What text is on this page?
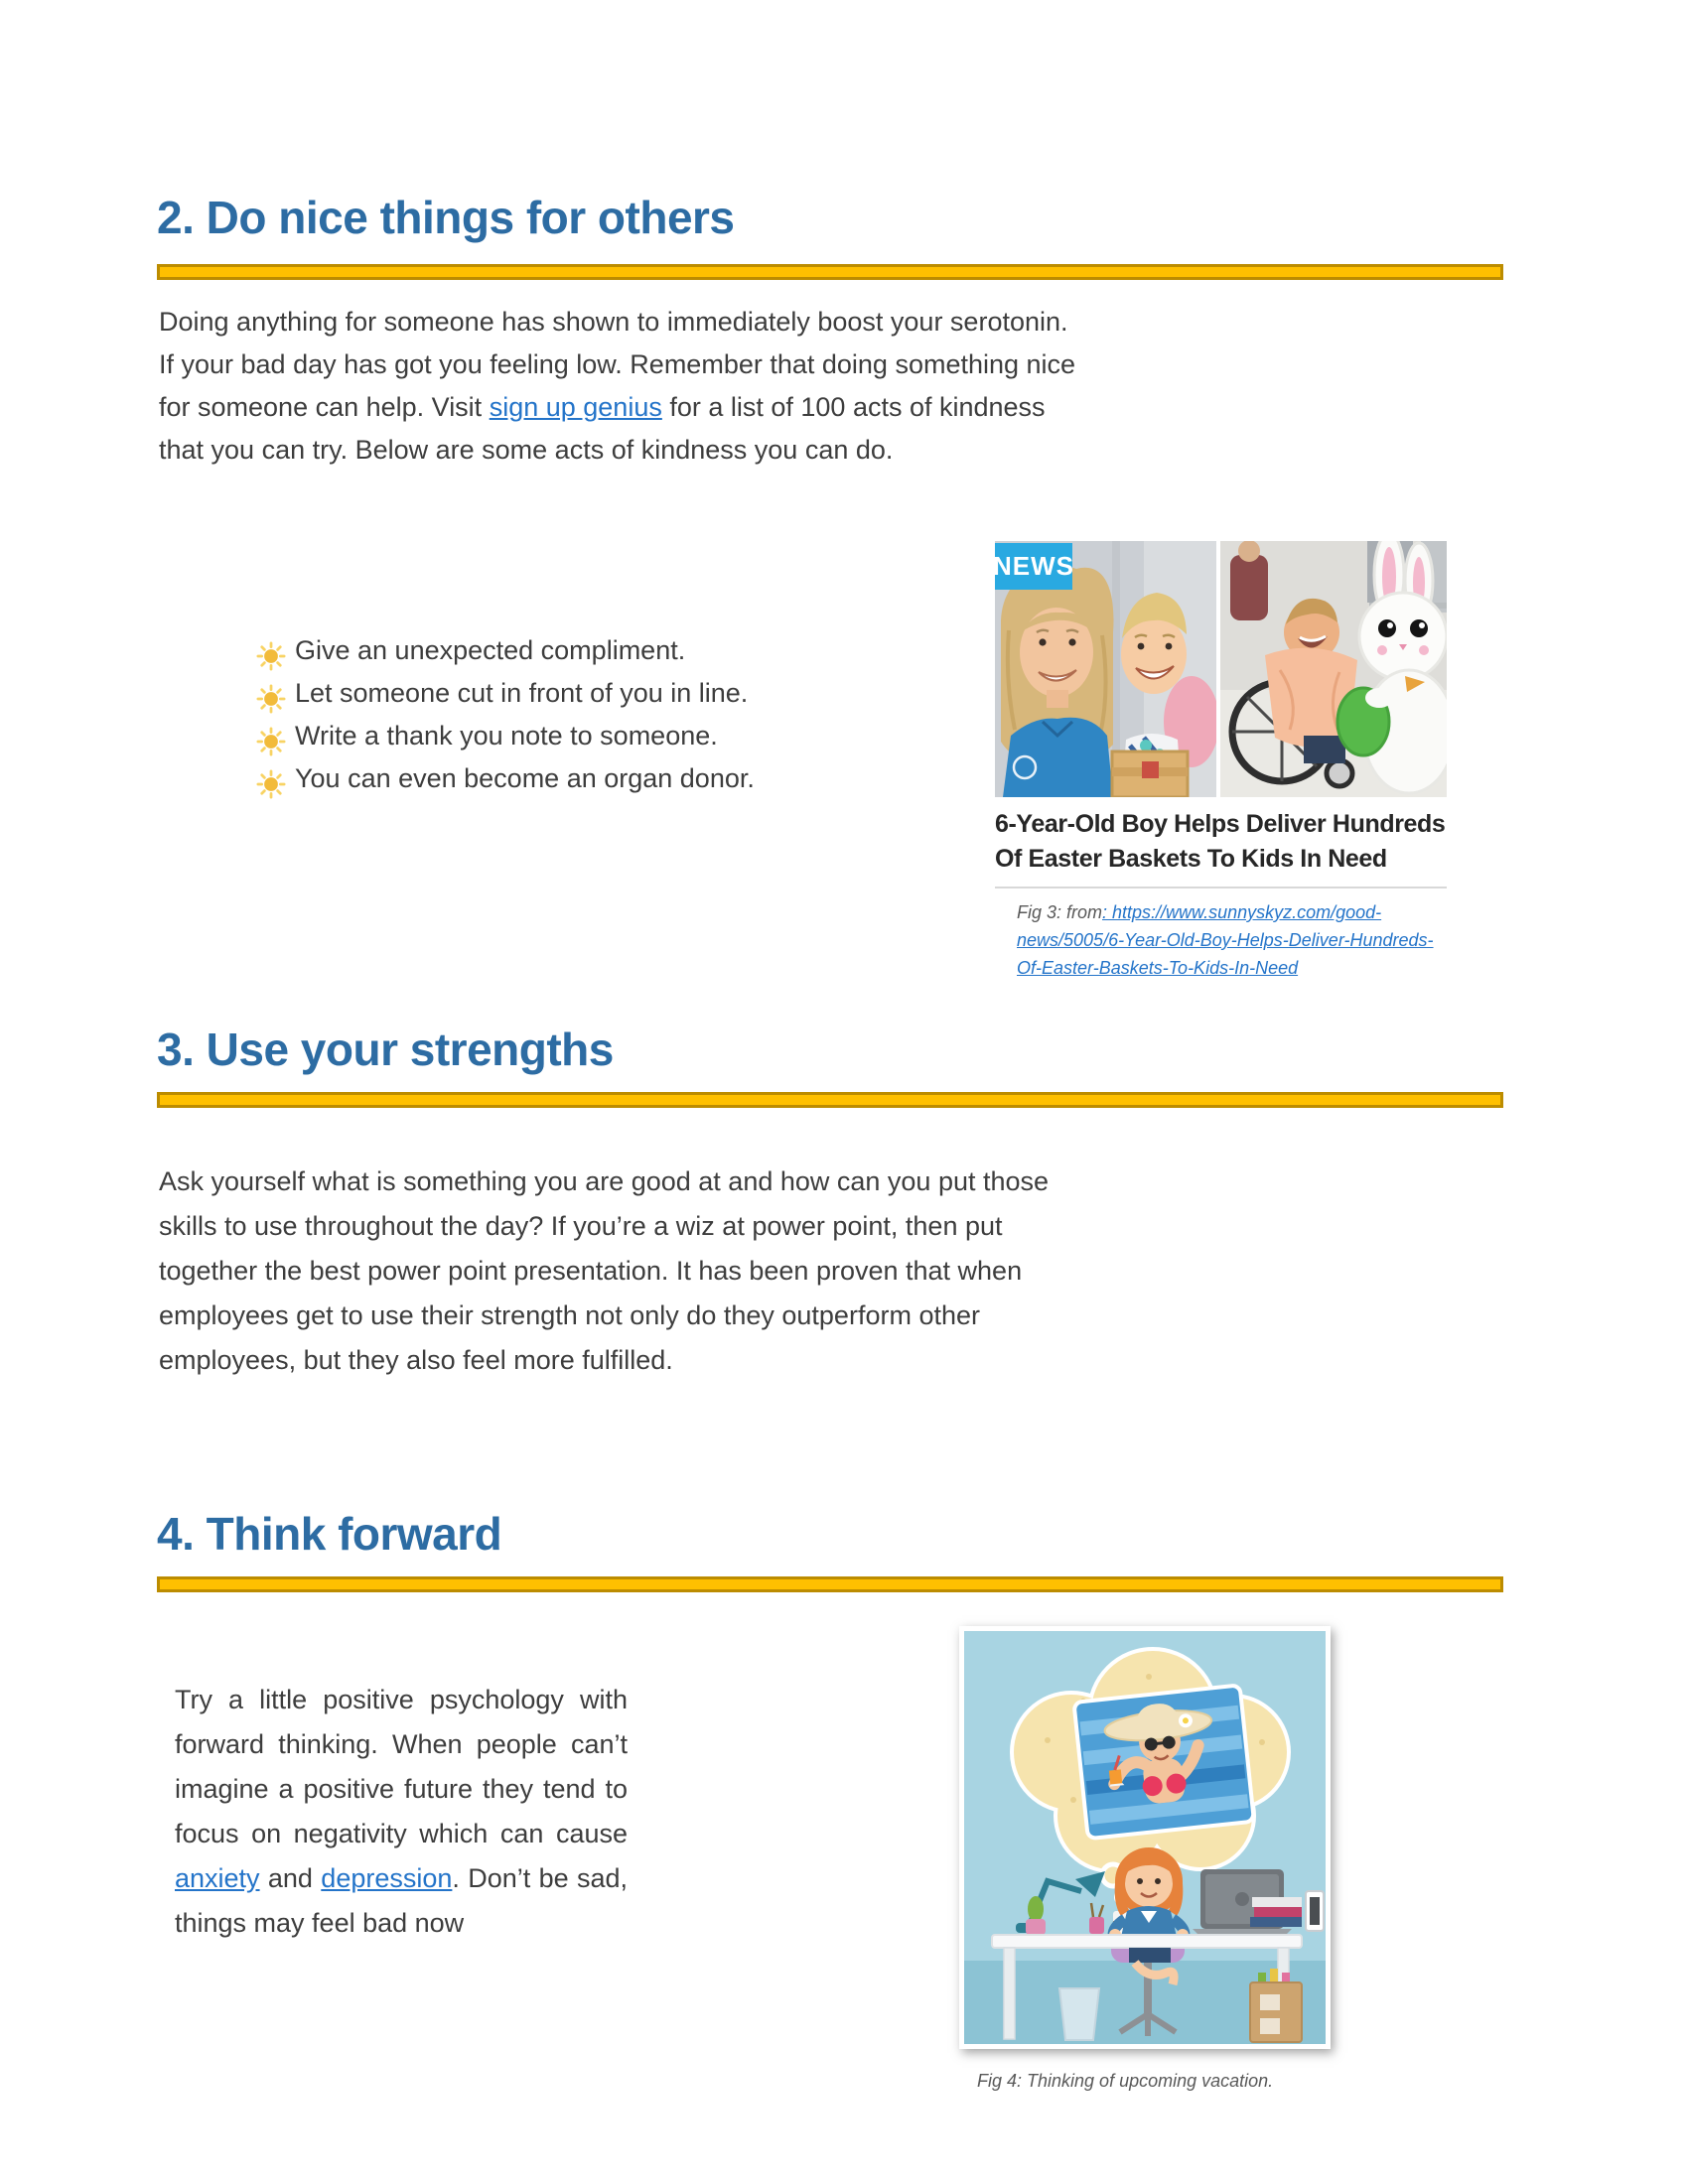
2. Do nice things for others
Doing anything for someone has shown to immediately boost your serotonin. If your bad day has got you feeling low. Remember that doing something nice for someone can help. Visit sign up genius for a list of 100 acts of kindness that you can try. Below are some acts of kindness you can do.
Give an unexpected compliment.
Let someone cut in front of you in line.
Write a thank you note to someone.
You can even become an organ donor.
NEWS
6-Year-Old Boy Helps Deliver Hundreds
Of Easter Baskets To Kids In Need
Fig 3: from: https://www.sunnyskyz.com/good-news/5005/6-Year-Old-Boy-Helps-Deliver-Hundreds-Of-Easter-Baskets-To-Kids-In-Need
3. Use your strengths
Ask yourself what is something you are good at and how can you put those skills to use throughout the day? If you’re a wiz at power point, then put together the best power point presentation. It has been proven that when employees get to use their strength not only do they outperform other employees, but they also feel more fulfilled.
4. Think forward
Try a little positive psychology with forward thinking. When people can’t imagine a positive future they tend to focus on negativity which can cause anxiety and depression. Don’t be sad, things may feel bad now
Fig 4: Thinking of upcoming vacation.
